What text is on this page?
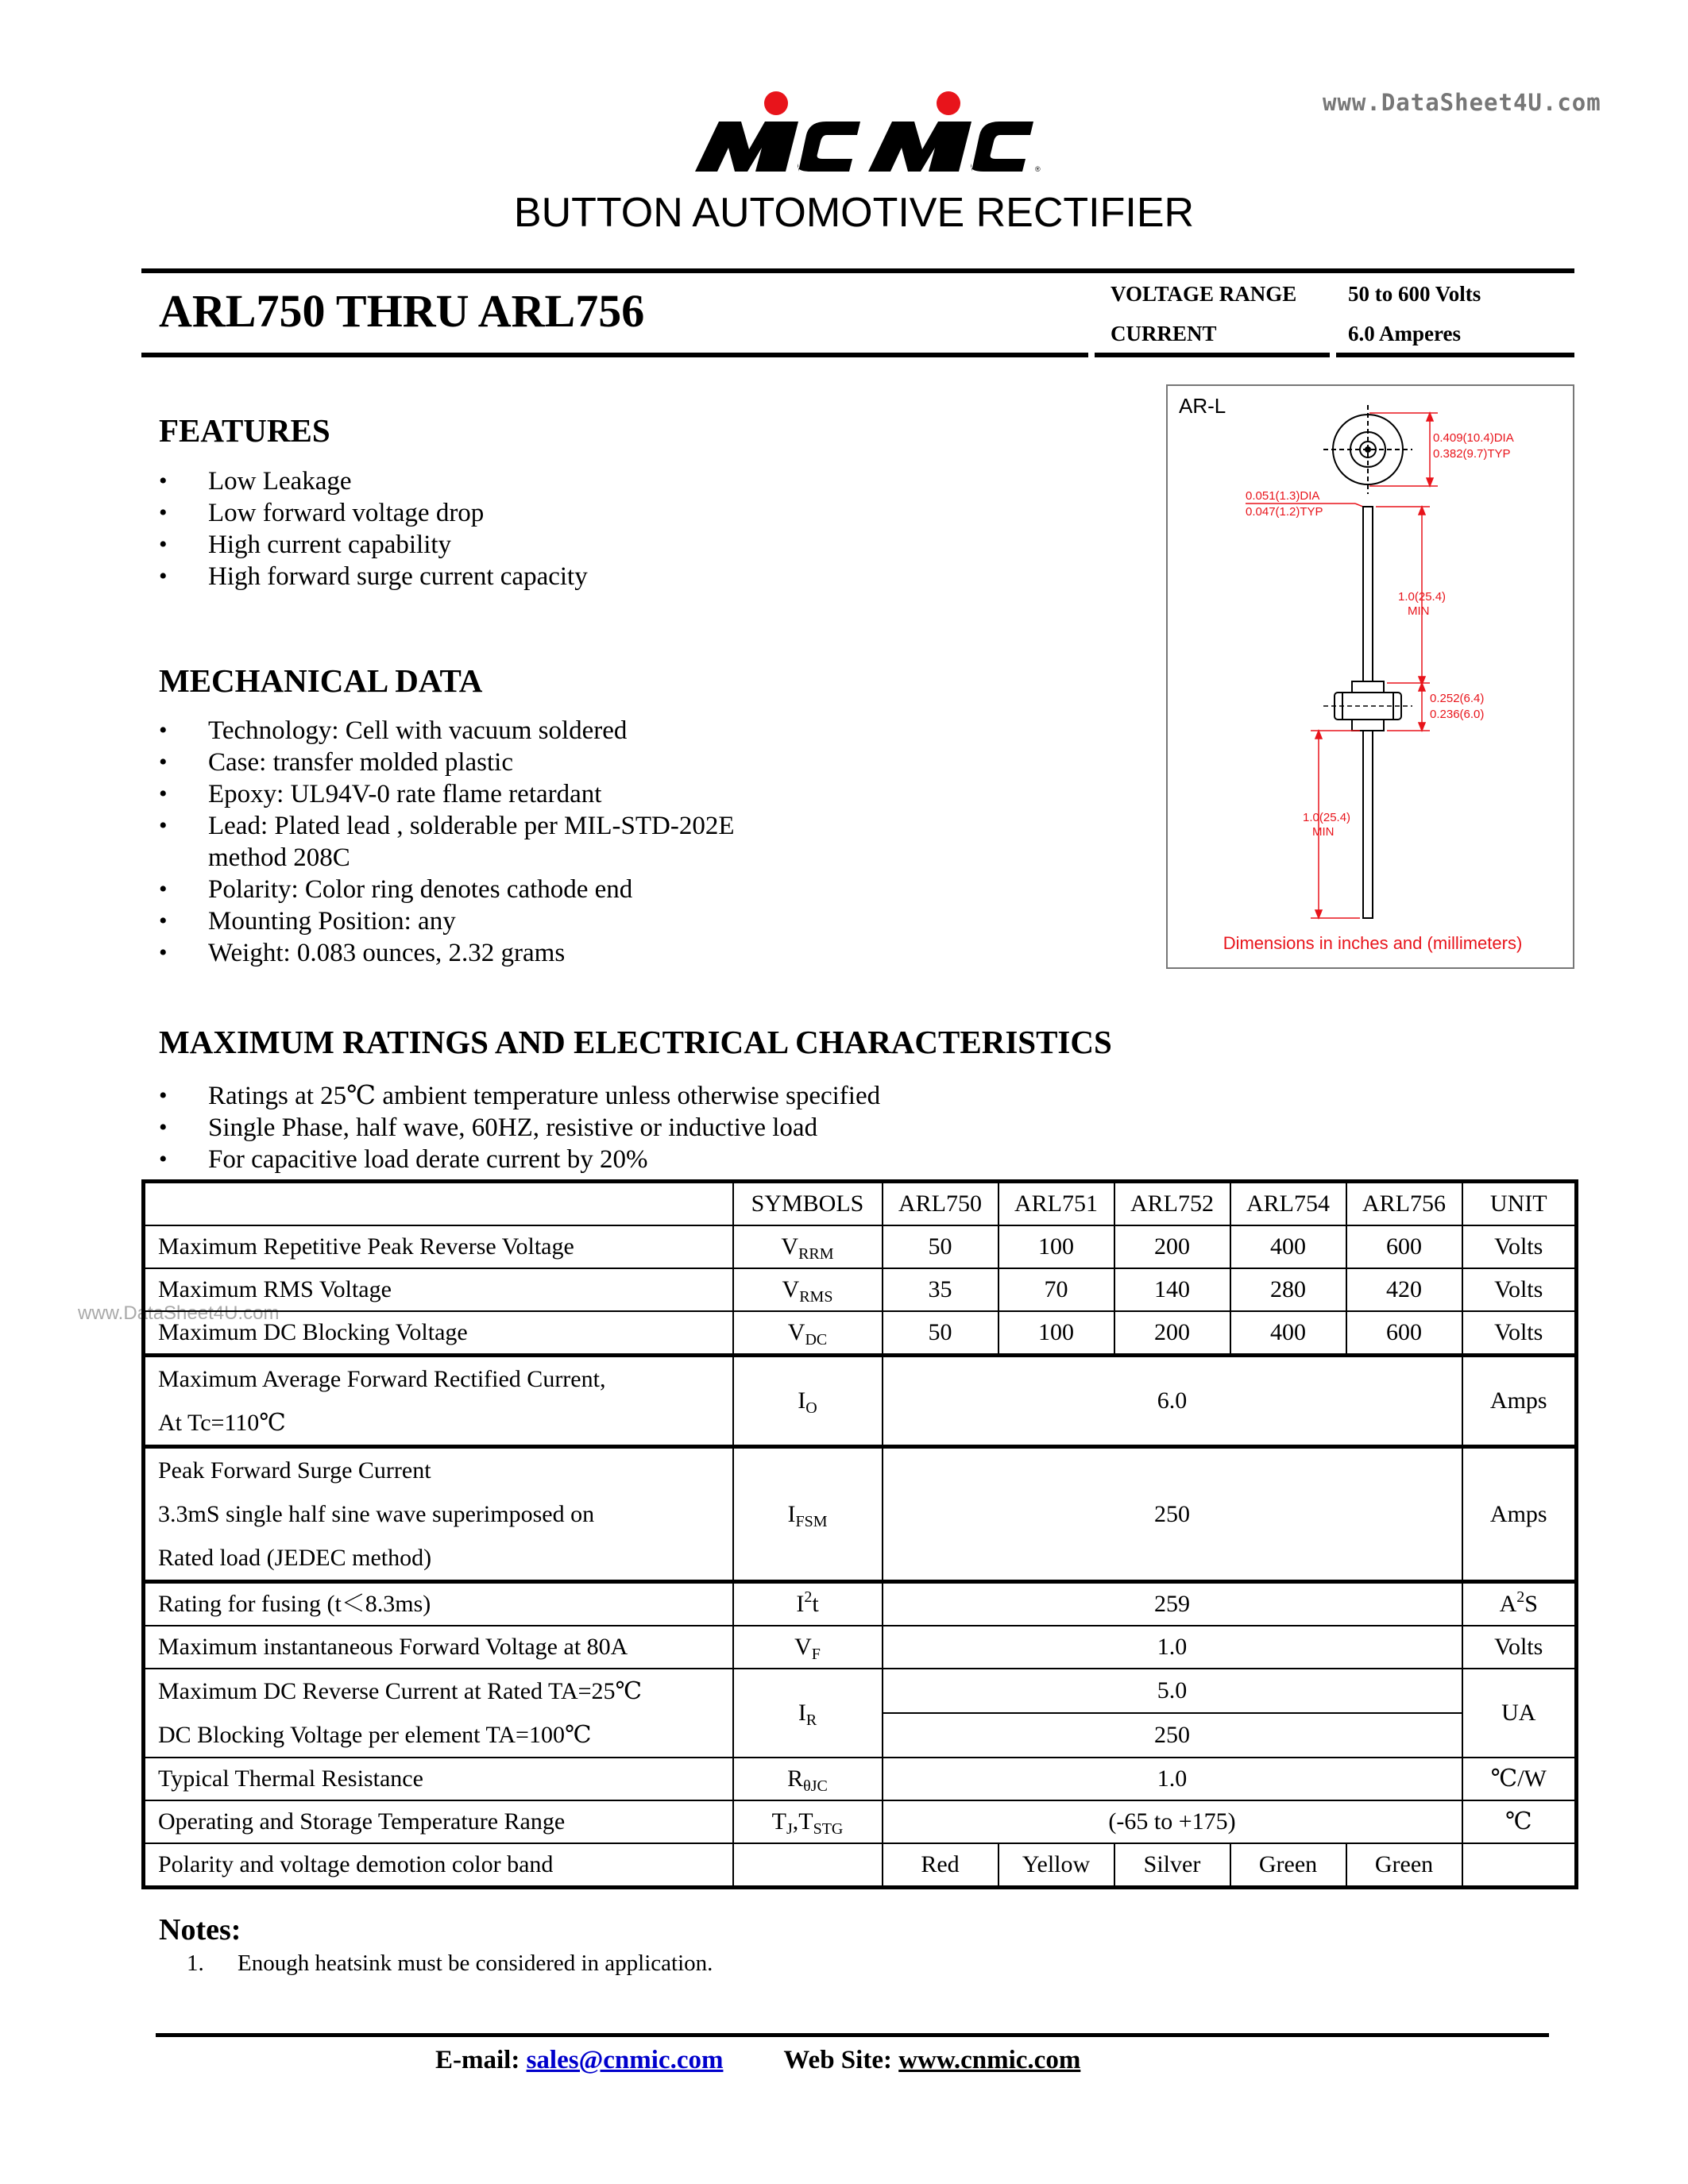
®
www.DataSheet4U.com
BUTTON AUTOMOTIVE RECTIFIER
ARL750 THRU ARL756	VOLTAGE RANGE 50 to 600 Volts
CURRENT	6.0 Amperes
FEATURES
• Low Leakage
• Low forward voltage drop
• High current capability
• High forward surge current capacity
MECHANICAL DATA
• Technology: Cell with vacuum soldered
• Case: transfer molded plastic
• Epoxy: UL94V-0 rate flame retardant
• Lead: Plated lead , solderable per MIL-STD-202E
method 208C
• Polarity: Color ring denotes cathode end
• Mounting Position: any
• Weight: 0.083 ounces, 2.32 grams
AR-L
0.409(10.4)DIA
0.382(9.7)TYP
0.051(1.3)DIA
0.047(1.2)TYP
1.0(25.4)
MIN
0.252(6.4)
0.236(6.0)
1.0(25.4)
MIN
Dimensions in inches and (millimeters)
MAXIMUM RATINGS AND ELECTRICAL CHARACTERISTICS
• Ratings at 25℃ ambient temperature unless otherwise specified
• Single Phase, half wave, 60HZ, resistive or inductive load
• For capacitive load derate current by 20%
www.DataSheet4U.com
	SYMBOLS	ARL750	ARL751	ARL752	ARL754	ARL756	UNIT
Maximum Repetitive Peak Reverse Voltage	$V_{RRM}$	50	100	200	400	600	Volts
Maximum RMS Voltage	$V_{RMS}$	35	70	140	280	420	Volts
Maximum DC Blocking Voltage	$V_{DC}$	50	100	200	400	600	Volts

Maximum Average Forward Rectified Current,
At Tc=110℃	$I_O$	6.0					Amps

Peak Forward Surge Current
3.3mS single half sine wave superimposed on
Rated load (JEDEC method)	$I_{FSM}$	250					Amps
Rating for fusing (t＜8.3ms)	$I^2t$	259					$A^2S$
Maximum instantaneous Forward Voltage at 80A	$V_F$	1.0					Volts

Maximum DC Reverse Current at Rated TA=25℃
DC Blocking Voltage per element TA=100℃	$I_R$	5.0					UA
		250					
Typical Thermal Resistance	$R_{\theta JC}$	1.0					℃/W
Operating and Storage Temperature Range	$T_J,T_{STG}$	(-65 to +175)					℃
Polarity and voltage demotion color band		Red	Yellow	Silver	Green	Green	
Notes:
1. Enough heatsink must be considered in application.
E-mail: sales@cnmic.com Web Site: www.cnmic.com
